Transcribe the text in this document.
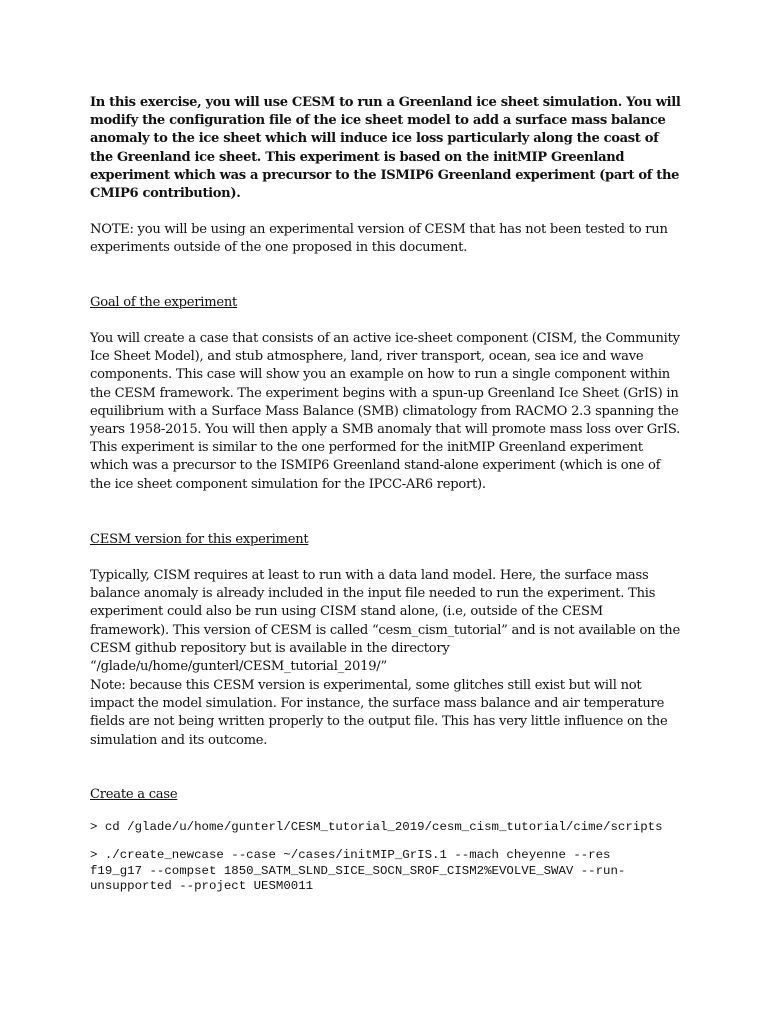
In this exercise, you will use CESM to run a Greenland ice sheet simulation. You will modify the configuration file of the ice sheet model to add a surface mass balance anomaly to the ice sheet which will induce ice loss particularly along the coast of the Greenland ice sheet. This experiment is based on the initMIP Greenland experiment which was a precursor to the ISMIP6 Greenland experiment (part of the CMIP6 contribution).

NOTE: you will be using an experimental version of CESM that has not been tested to run experiments outside of the one proposed in this document.

Goal of the experiment

You will create a case that consists of an active ice-sheet component (CISM, the Community Ice Sheet Model), and stub atmosphere, land, river transport, ocean, sea ice and wave components. This case will show you an example on how to run a single component within the CESM framework. The experiment begins with a spun-up Greenland Ice Sheet (GrIS) in equilibrium with a Surface Mass Balance (SMB) climatology from RACMO 2.3 spanning the years 1958-2015. You will then apply a SMB anomaly that will promote mass loss over GrIS. This experiment is similar to the one performed for the initMIP Greenland experiment which was a precursor to the ISMIP6 Greenland stand-alone experiment (which is one of the ice sheet component simulation for the IPCC-AR6 report).

CESM version for this experiment

Typically, CISM requires at least to run with a data land model. Here, the surface mass balance anomaly is already included in the input file needed to run the experiment. This experiment could also be run using CISM stand alone, (i.e, outside of the CESM framework). This version of CESM is called “cesm_cism_tutorial” and is not available on the CESM github repository but is available in the directory “/glade/u/home/gunterl/CESM_tutorial_2019/”

Note: because this CESM version is experimental, some glitches still exist but will not impact the model simulation. For instance, the surface mass balance and air temperature fields are not being written properly to the output file. This has very little influence on the simulation and its outcome.

Create a case

> cd /glade/u/home/gunterl/CESM_tutorial_2019/cesm_cism_tutorial/cime/scripts

> ./create_newcase --case ~/cases/initMIP_GrIS.1 --mach cheyenne --res
f19_g17 --compset 1850_SATM_SLND_SICE_SOCN_SROF_CISM2%EVOLVE_SWAV --run-
unsupported --project UESM0011
